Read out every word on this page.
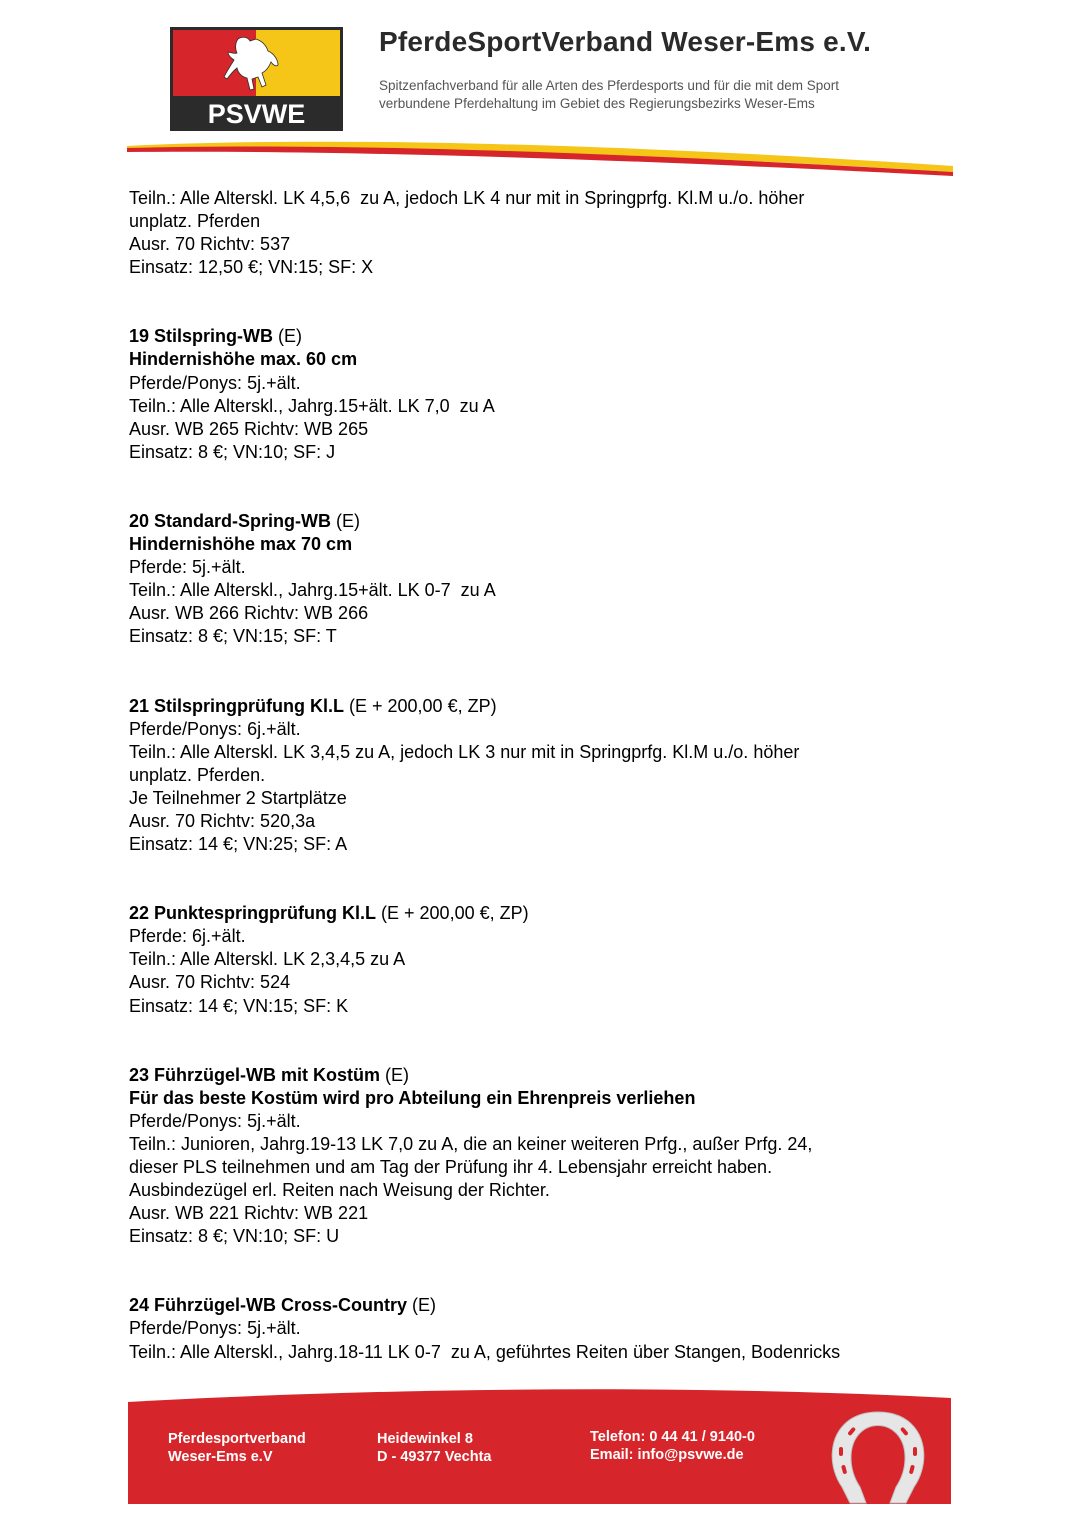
PSVWE
PferdeSportVerband Weser-Ems e.V.
Spitzenfachverband für alle Arten des Pferdesports und für die mit dem Sport
verbundene Pferdehaltung im Gebiet des Regierungsbezirks Weser-Ems
Teiln.: Alle Alterskl. LK 4,5,6  zu A, jedoch LK 4 nur mit in Springprfg. Kl.M u./o. höher
unplatz. Pferden
Ausr. 70 Richtv: 537
Einsatz: 12,50 €; VN:15; SF: X
19 Stilspring-WB (E)
Hindernishöhe max. 60 cm
Pferde/Ponys: 5j.+ält.
Teiln.: Alle Alterskl., Jahrg.15+ält. LK 7,0  zu A
Ausr. WB 265 Richtv: WB 265
Einsatz: 8 €; VN:10; SF: J
20 Standard-Spring-WB (E)
Hindernishöhe max 70 cm
Pferde: 5j.+ält.
Teiln.: Alle Alterskl., Jahrg.15+ält. LK 0-7  zu A
Ausr. WB 266 Richtv: WB 266
Einsatz: 8 €; VN:15; SF: T
21 Stilspringprüfung Kl.L (E + 200,00 €, ZP)
Pferde/Ponys: 6j.+ält.
Teiln.: Alle Alterskl. LK 3,4,5 zu A, jedoch LK 3 nur mit in Springprfg. Kl.M u./o. höher
unplatz. Pferden.
Je Teilnehmer 2 Startplätze
Ausr. 70 Richtv: 520,3a
Einsatz: 14 €; VN:25; SF: A
22 Punktespringprüfung Kl.L (E + 200,00 €, ZP)
Pferde: 6j.+ält.
Teiln.: Alle Alterskl. LK 2,3,4,5 zu A
Ausr. 70 Richtv: 524
Einsatz: 14 €; VN:15; SF: K
23 Führzügel-WB mit Kostüm (E)
Für das beste Kostüm wird pro Abteilung ein Ehrenpreis verliehen
Pferde/Ponys: 5j.+ält.
Teiln.: Junioren, Jahrg.19-13 LK 7,0 zu A, die an keiner weiteren Prfg., außer Prfg. 24,
dieser PLS teilnehmen und am Tag der Prüfung ihr 4. Lebensjahr erreicht haben.
Ausbindezügel erl. Reiten nach Weisung der Richter.
Ausr. WB 221 Richtv: WB 221
Einsatz: 8 €; VN:10; SF: U
24 Führzügel-WB Cross-Country (E)
Pferde/Ponys: 5j.+ält.
Teiln.: Alle Alterskl., Jahrg.18-11 LK 0-7  zu A, geführtes Reiten über Stangen, Bodenricks
Pferdesportverband
Weser-Ems e.V
Heidewinkel 8
D - 49377 Vechta
Telefon: 0 44 41 / 9140-0
Email: info@psvwe.de
